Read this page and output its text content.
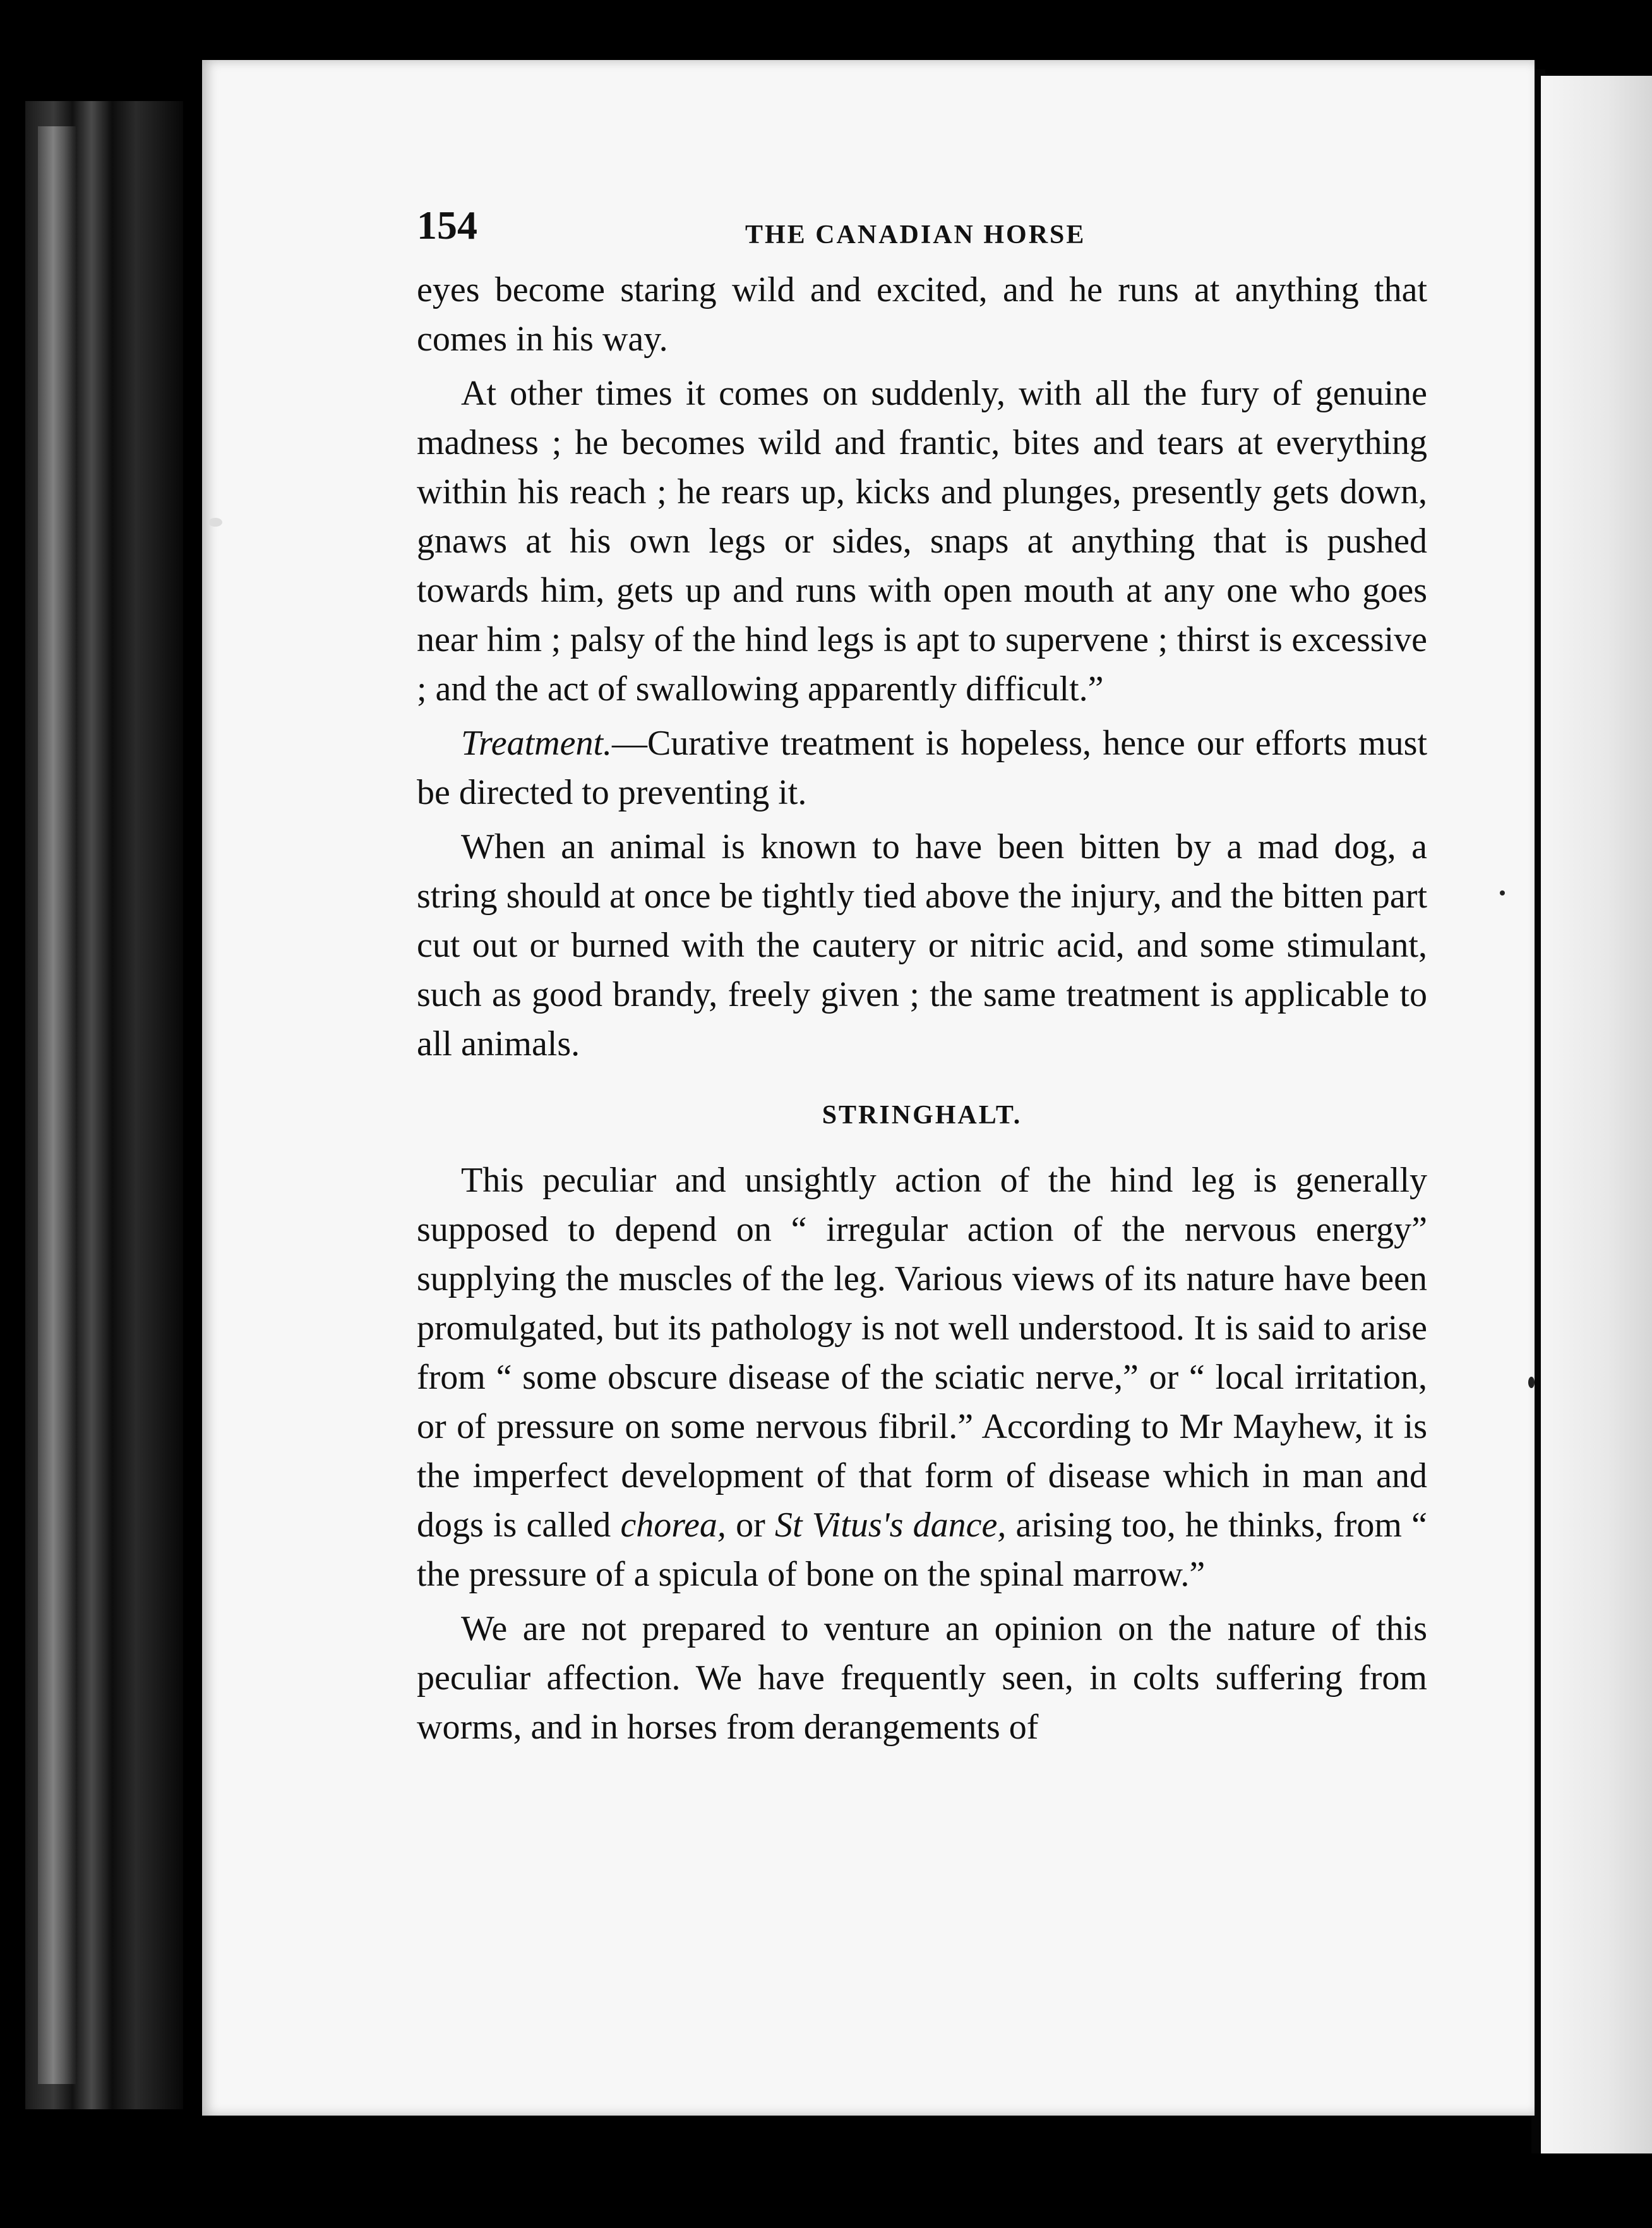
154	THE CANADIAN HORSE

eyes become staring wild and excited, and he runs at anything that comes in his way.

At other times it comes on suddenly, with all the fury of genuine madness ; he becomes wild and frantic, bites and tears at everything within his reach ; he rears up, kicks and plunges, presently gets down, gnaws at his own legs or sides, snaps at anything that is pushed towards him, gets up and runs with open mouth at any one who goes near him ; palsy of the hind legs is apt to supervene ; thirst is excessive ; and the act of swallowing apparently difficult.”

Treatment.—Curative treatment is hopeless, hence our efforts must be directed to preventing it.

When an animal is known to have been bitten by a mad dog, a string should at once be tightly tied above the injury, and the bitten part cut out or burned with the cautery or nitric acid, and some stimulant, such as good brandy, freely given ; the same treatment is applicable to all animals.

STRINGHALT.

This peculiar and unsightly action of the hind leg is generally supposed to depend on “ irregular action of the nervous energy” supplying the muscles of the leg. Various views of its nature have been promulgated, but its pathology is not well understood. It is said to arise from “ some obscure disease of the sciatic nerve,” or “ local irritation, or of pressure on some nervous fibril.” According to Mr Mayhew, it is the imperfect development of that form of disease which in man and dogs is called chorea, or St Vitus's dance, arising too, he thinks, from “ the pressure of a spicula of bone on the spinal marrow.”

We are not prepared to venture an opinion on the nature of this peculiar affection. We have frequently seen, in colts suffering from worms, and in horses from derangements of
